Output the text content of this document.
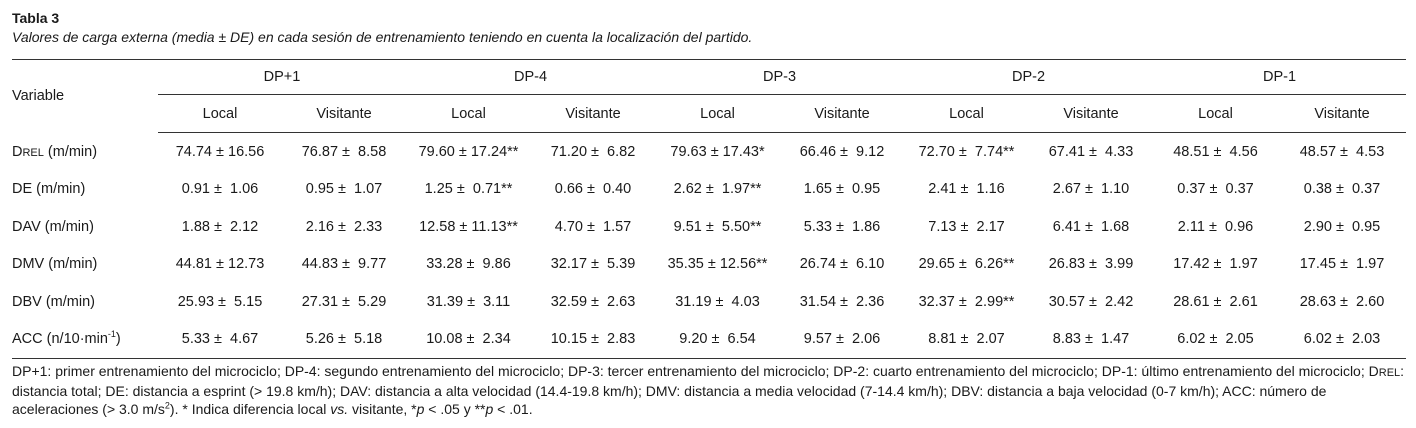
Tabla 3
Valores de carga externa (media ± DE) en cada sesión de entrenamiento teniendo en cuenta la localización del partido.

Variable	DP+1		DP-4		DP-3		DP-2		DP-1	
	Local	Visitante	Local	Visitante	Local	Visitante	Local	Visitante	Local	Visitante
DREL (m/min)	74.74 ± 16.56	76.87 ±  8.58	79.60 ± 17.24**	71.20 ±  6.82	79.63 ± 17.43*	66.46 ±  9.12	72.70 ±  7.74**	67.41 ±  4.33	48.51 ±  4.56	48.57 ±  4.53
DE (m/min)	0.91 ±  1.06	0.95 ±  1.07	1.25 ±  0.71**	0.66 ±  0.40	2.62 ±  1.97**	1.65 ±  0.95	2.41 ±  1.16	2.67 ±  1.10	0.37 ±  0.37	0.38 ±  0.37
DAV (m/min)	1.88 ±  2.12	2.16 ±  2.33	12.58 ± 11.13**	4.70 ±  1.57	9.51 ±  5.50**	5.33 ±  1.86	7.13 ±  2.17	6.41 ±  1.68	2.11 ±  0.96	2.90 ±  0.95
DMV (m/min)	44.81 ± 12.73	44.83 ±  9.77	33.28 ±  9.86	32.17 ±  5.39	35.35 ± 12.56**	26.74 ±  6.10	29.65 ±  6.26**	26.83 ±  3.99	17.42 ±  1.97	17.45 ±  1.97
DBV (m/min)	25.93 ±  5.15	27.31 ±  5.29	31.39 ±  3.11	32.59 ±  2.63	31.19 ±  4.03	31.54 ±  2.36	32.37 ±  2.99**	30.57 ±  2.42	28.61 ±  2.61	28.63 ±  2.60
ACC $(n/10\cdot\min^{-1})$	5.33 ±  4.67	5.26 ±  5.18	10.08 ±  2.34	10.15 ±  2.83	9.20 ±  6.54	9.57 ±  2.06	8.81 ±  2.07	8.83 ±  1.47	6.02 ±  2.05	6.02 ±  2.03
DP+1: primer entrenamiento del microciclo; DP-4: segundo entrenamiento del microciclo; DP-3: tercer entrenamiento del microciclo; DP-2: cuarto entrenamiento del microciclo; DP-1: último entrenamiento del microciclo; DREL: distancia total; DE: distancia a esprint (> 19.8 km/h); DAV: distancia a alta velocidad (14.4-19.8 km/h); DMV: distancia a media velocidad (7-14.4 km/h); DBV: distancia a baja velocidad (0-7 km/h); ACC: número de aceleraciones (> 3.0 $m/s^2$). * Indica diferencia local vs. visitante, *p < .05 y **p < .01.
